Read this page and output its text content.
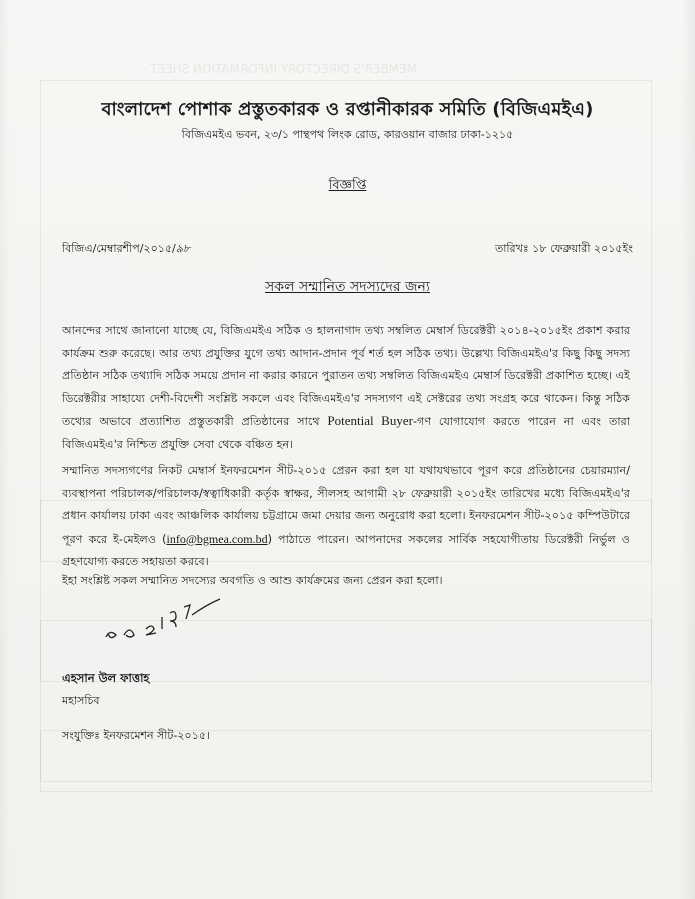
MEMBER'S DIRECTORY INFORMATION SHEET
বাংলাদেশ পোশাক প্রস্তুতকারক ও রপ্তানীকারক সমিতি (বিজিএমইএ)
বিজিএমইএ ভবন, ২৩/১ পান্থপথ লিংক রোড, কারওয়ান বাজার ঢাকা-১২১৫
বিজ্ঞপ্তি
বিজিএ/মেম্বারশীপ/২০১৫/৯৮	তারিখঃ ১৮ ফেব্রুয়ারী ২০১৫ইং
সকল সম্মানিত সদস্যদের জন্য
আনন্দের সাথে জানানো যাচ্ছে যে, বিজিএমইএ সঠিক ও হালনাগাদ তথ্য সম্বলিত মেম্বার্স ডিরেক্টরী ২০১৪-২০১৫ইং প্রকাশ করার কার্যক্রম শুরু করেছে। আর তথ্য প্রযুক্তির যুগে তথ্য আদান-প্রদান পূর্ব শর্ত হল সঠিক তথ্য। উল্লেখ্য বিজিএমইএ'র কিছু কিছু সদস্য প্রতিষ্ঠান সঠিক তথ্যাদি সঠিক সময়ে প্রদান না করার কারনে পুরাতন তথ্য সম্বলিত বিজিএমইএ মেম্বার্স ডিরেক্টরী প্রকাশিত হচ্ছে। এই ডিরেক্টরীর সাহায্যে দেশী-বিদেশী সংশ্লিষ্ট সকলে এবং বিজিএমইএ'র সদস্যগণ এই সেক্টরের তথ্য সংগ্রহ করে থাকেন। কিন্তু সঠিক তথ্যের অভাবে প্রত্যাশিত প্রস্তুতকারী প্রতিষ্ঠানের সাথে Potential Buyer-গণ যোগাযোগ করতে পারেন না এবং তারা বিজিএমইএ'র নিশ্চিত প্রযুক্তি সেবা থেকে বঞ্চিত হন।
সম্মানিত সদস্যগণের নিকট মেম্বার্স ইনফরমেশন সীট-২০১৫ প্রেরন করা হল যা যথাযথভাবে পূরণ করে প্রতিষ্ঠানের চেয়ারম্যান/ব্যবস্থাপনা পরিচালক/পরিচালক/স্বত্বাধিকারী কর্তৃক স্বাক্ষর, সীলসহ আগামী ২৮ ফেব্রুয়ারী ২০১৫ইং তারিখের মধ্যে বিজিএমইএ'র প্রধান কার্যালয় ঢাকা এবং আঞ্চলিক কার্যালয় চট্টগ্রামে জমা দেয়ার জন্য অনুরোধ করা হলো। ইনফরমেশন সীট-২০১৫ কম্পিউটারে পূরণ করে ই-মেইলও (info@bgmea.com.bd) পাঠাতে পারেন। আপনাদের সকলের সার্বিক সহযোগীতায় ডিরেক্টরী নির্ভুল ও গ্রহণযোগ্য করতে সহায়তা করবে।
ইহা সংশ্লিষ্ট সকল সম্মানিত সদস্যের অবগতি ও আশু কার্যক্রমের জন্য প্রেরন করা হলো।
এহসান উল ফাত্তাহ
মহাসচিব
সংযুক্তিঃ ইনফরমেশন সীট-২০১৫।
